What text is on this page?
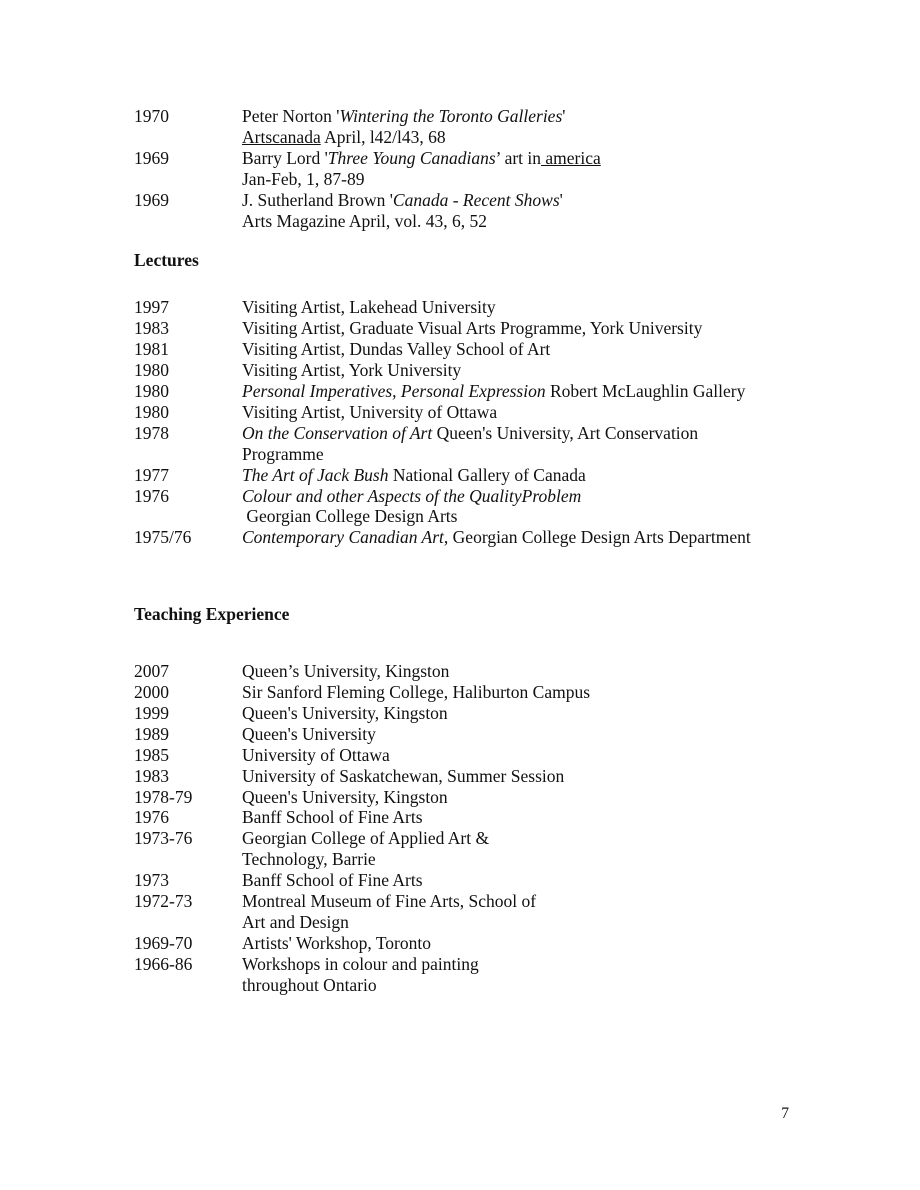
1970	Peter Norton 'Wintering the Toronto Galleries'
Artscanada April, l42/l43, 68
1969	Barry Lord 'Three Young Canadians’ art in america
Jan-Feb, 1, 87-89
1969	J. Sutherland Brown 'Canada - Recent Shows'
Arts Magazine April, vol. 43, 6, 52
Lectures
1997	Visiting Artist, Lakehead University
1983	Visiting Artist, Graduate Visual Arts Programme, York University
1981	Visiting Artist, Dundas Valley School of Art
1980	Visiting Artist, York University
1980	Personal Imperatives, Personal Expression Robert McLaughlin Gallery
1980	Visiting Artist, University of Ottawa
1978	On the Conservation of Art Queen's University, Art Conservation
Programme
1977	The Art of Jack Bush National Gallery of Canada
1976	Colour and other Aspects of the QualityProblem
Georgian College Design Arts
1975/76	Contemporary Canadian Art, Georgian College Design Arts Department
Teaching Experience
2007	Queen’s University, Kingston
2000	Sir Sanford Fleming College, Haliburton Campus
1999	Queen's University, Kingston
1989	Queen's University
1985	University of Ottawa
1983	University of Saskatchewan, Summer Session
1978-79	Queen's University, Kingston
1976	Banff School of Fine Arts
1973-76	Georgian College of Applied Art &
Technology, Barrie
1973	Banff School of Fine Arts
1972-73	Montreal Museum of Fine Arts, School of
Art and Design
1969-70	Artists' Workshop, Toronto
1966-86	Workshops in colour and painting
throughout Ontario
7
